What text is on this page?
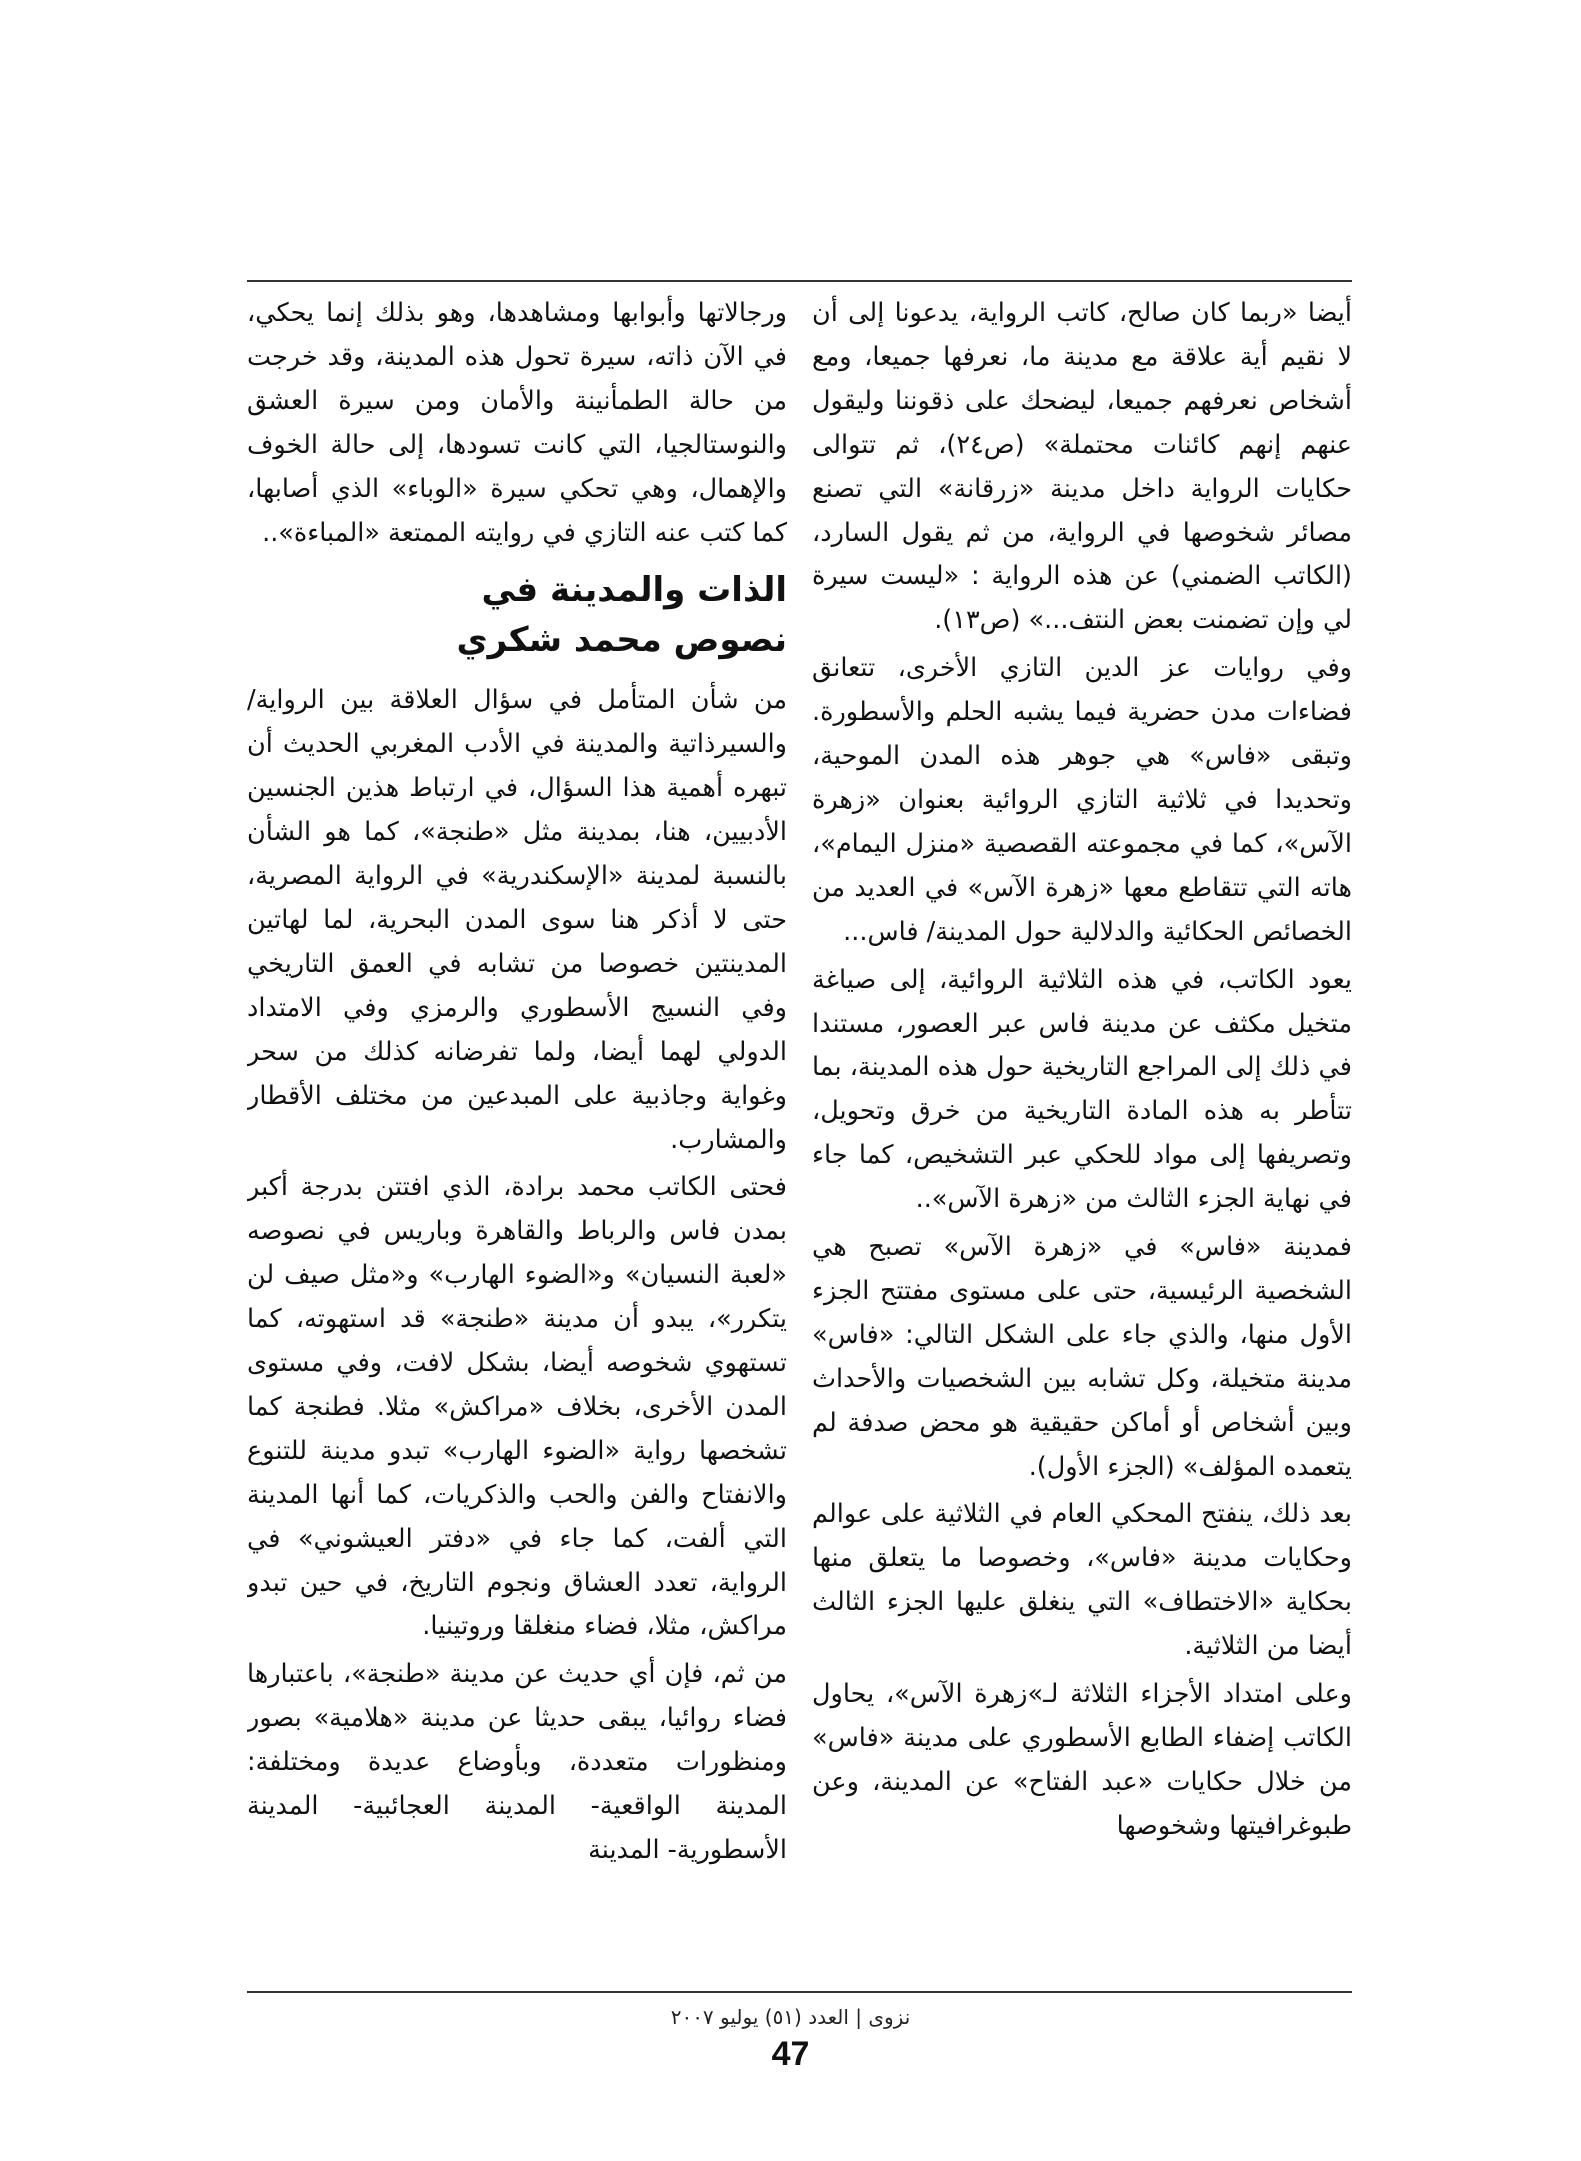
أيضا «ربما كان صالح، كاتب الرواية، يدعونا إلى أن لا نقيم أية علاقة مع مدينة ما، نعرفها جميعا، ومع أشخاص نعرفهم جميعا، ليضحك على ذقوننا وليقول عنهم إنهم كائنات محتملة» (ص٢٤)، ثم تتوالى حكايات الرواية داخل مدينة «زرقانة» التي تصنع مصائر شخوصها في الرواية، من ثم يقول السارد، (الكاتب الضمني) عن هذه الرواية : «ليست سيرة لي وإن تضمنت بعض النتف...» (ص١٣).

وفي روايات عز الدين التازي الأخرى، تتعانق فضاءات مدن حضرية فيما يشبه الحلم والأسطورة. وتبقى «فاس» هي جوهر هذه المدن الموحية، وتحديدا في ثلاثية التازي الروائية بعنوان «زهرة الآس»، كما في مجموعته القصصية «منزل اليمام»، هاته التي تتقاطع معها «زهرة الآس» في العديد من الخصائص الحكائية والدلالية حول المدينة/ فاس...

يعود الكاتب، في هذه الثلاثية الروائية، إلى صياغة متخيل مكثف عن مدينة فاس عبر العصور، مستندا في ذلك إلى المراجع التاريخية حول هذه المدينة، بما تتأطر به هذه المادة التاريخية من خرق وتحويل، وتصريفها إلى مواد للحكي عبر التشخيص، كما جاء في نهاية الجزء الثالث من «زهرة الآس»..

فمدينة «فاس» في «زهرة الآس» تصبح هي الشخصية الرئيسية، حتى على مستوى مفتتح الجزء الأول منها، والذي جاء على الشكل التالي: «فاس» مدينة متخيلة، وكل تشابه بين الشخصيات والأحداث وبين أشخاص أو أماكن حقيقية هو محض صدفة لم يتعمده المؤلف» (الجزء الأول).

بعد ذلك، ينفتح المحكي العام في الثلاثية على عوالم وحكايات مدينة «فاس»، وخصوصا ما يتعلق منها بحكاية «الاختطاف» التي ينغلق عليها الجزء الثالث أيضا من الثلاثية.

وعلى امتداد الأجزاء الثلاثة لـ»زهرة الآس»، يحاول الكاتب إضفاء الطابع الأسطوري على مدينة «فاس» من خلال حكايات «عبد الفتاح» عن المدينة، وعن طبوغرافيتها وشخوصها

ورجالاتها وأبوابها ومشاهدها، وهو بذلك إنما يحكي، في الآن ذاته، سيرة تحول هذه المدينة، وقد خرجت من حالة الطمأنينة والأمان ومن سيرة العشق والنوستالجيا، التي كانت تسودها، إلى حالة الخوف والإهمال، وهي تحكي سيرة «الوباء» الذي أصابها، كما كتب عنه التازي في روايته الممتعة «المباءة»..

الذات والمدينة في
نصوص محمد شكري

من شأن المتأمل في سؤال العلاقة بين الرواية/ والسيرذاتية والمدينة في الأدب المغربي الحديث أن تبهره أهمية هذا السؤال، في ارتباط هذين الجنسين الأدبيين، هنا، بمدينة مثل «طنجة»، كما هو الشأن بالنسبة لمدينة «الإسكندرية» في الرواية المصرية، حتى لا أذكر هنا سوى المدن البحرية، لما لهاتين المدينتين خصوصا من تشابه في العمق التاريخي وفي النسيج الأسطوري والرمزي وفي الامتداد الدولي لهما أيضا، ولما تفرضانه كذلك من سحر وغواية وجاذبية على المبدعين من مختلف الأقطار والمشارب.

فحتى الكاتب محمد برادة، الذي افتتن بدرجة أكبر بمدن فاس والرباط والقاهرة وباريس في نصوصه «لعبة النسيان» و«الضوء الهارب» و«مثل صيف لن يتكرر»، يبدو أن مدينة «طنجة» قد استهوته، كما تستهوي شخوصه أيضا، بشكل لافت، وفي مستوى المدن الأخرى، بخلاف «مراكش» مثلا. فطنجة كما تشخصها رواية «الضوء الهارب» تبدو مدينة للتنوع والانفتاح والفن والحب والذكريات، كما أنها المدينة التي ألفت، كما جاء في «دفتر العيشوني» في الرواية، تعدد العشاق ونجوم التاريخ، في حين تبدو مراكش، مثلا، فضاء منغلقا وروتينيا.

من ثم، فإن أي حديث عن مدينة «طنجة»، باعتبارها فضاء روائيا، يبقى حديثا عن مدينة «هلامية» بصور ومنظورات متعددة، وبأوضاع عديدة ومختلفة: المدينة الواقعية- المدينة العجائبية- المدينة الأسطورية- المدينة

نزوى | العدد (٥١) يوليو ٢٠٠٧
47
